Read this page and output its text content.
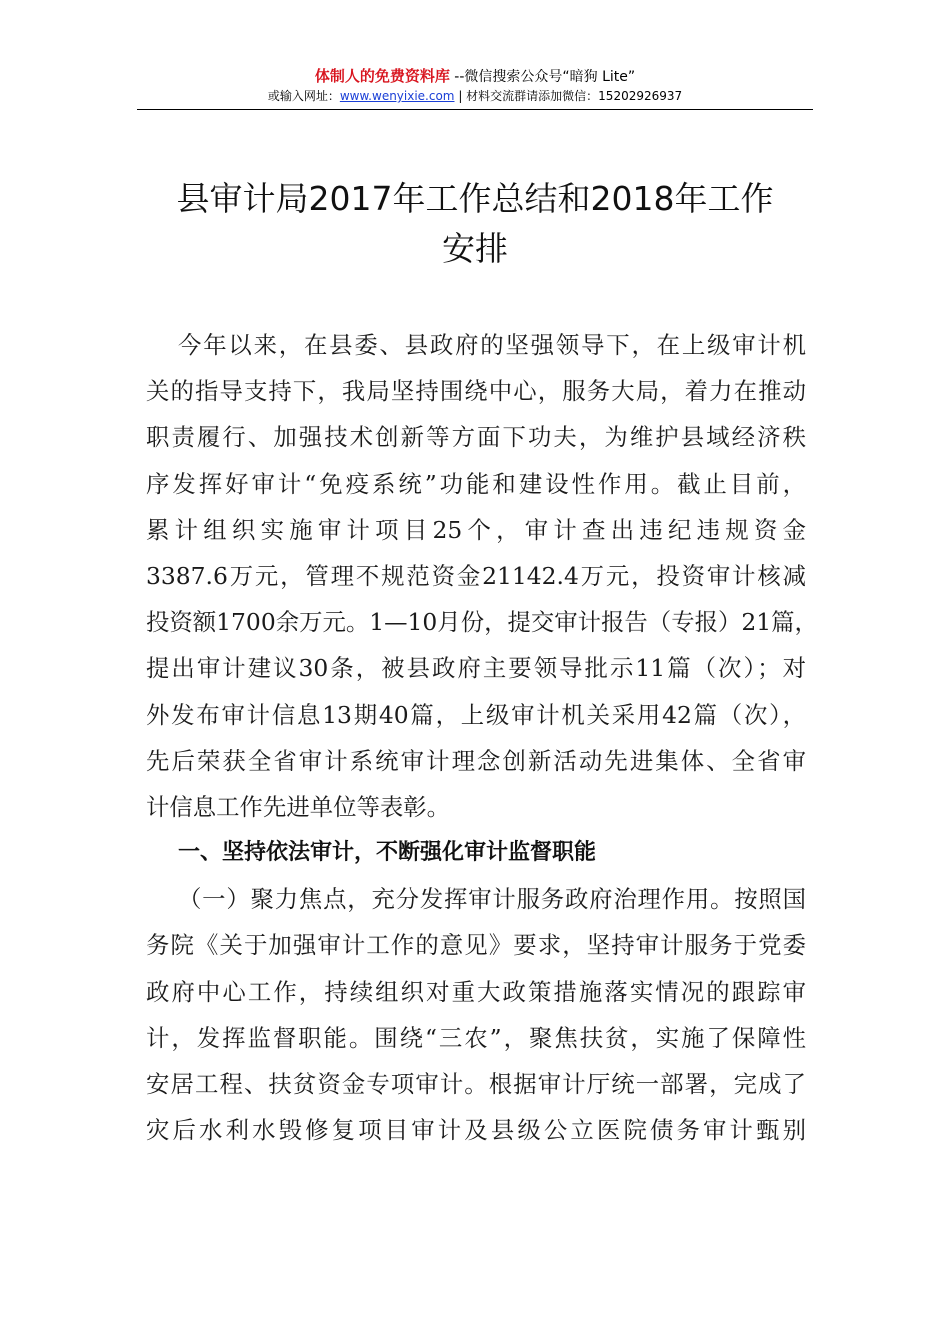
体制人的免费资料库 --微信搜索公众号“暗狗 Lite”
或输入网址：www.wenyixie.com | 材料交流群请添加微信：15202926937
县审计局2017年工作总结和2018年工作
安排
今年以来，在县委、县政府的坚强领导下，在上级审计机
关的指导支持下，我局坚持围绕中心，服务大局，着力在推动
职责履行、加强技术创新等方面下功夫，为维护县域经济秩
序发挥好审计“免疫系统”功能和建设性作用。截止目前，
累计组织实施审计项目25个，审计查出违纪违规资金
3387.6万元，管理不规范资金21142.4万元，投资审计核减
投资额1700余万元。1—10月份，提交审计报告（专报）21篇，
提出审计建议30条，被县政府主要领导批示11篇（次）；对
外发布审计信息13期40篇，上级审计机关采用42篇（次），
先后荣获全省审计系统审计理念创新活动先进集体、全省审
计信息工作先进单位等表彰。
一、坚持依法审计，不断强化审计监督职能
（一）聚力焦点，充分发挥审计服务政府治理作用。按照国
务院《关于加强审计工作的意见》要求，坚持审计服务于党委
政府中心工作，持续组织对重大政策措施落实情况的跟踪审
计，发挥监督职能。围绕“三农”，聚焦扶贫，实施了保障性
安居工程、扶贫资金专项审计。根据审计厅统一部署，完成了
灾后水利水毁修复项目审计及县级公立医院债务审计甄别
